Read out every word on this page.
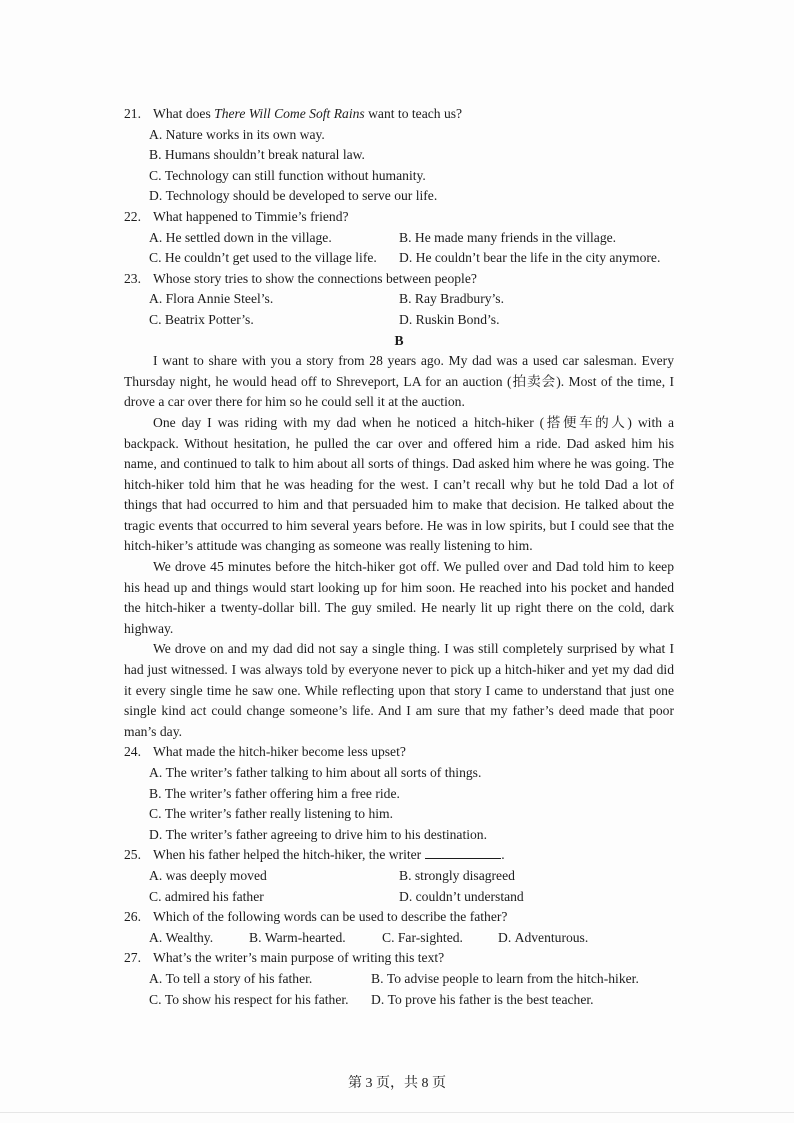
21. What does There Will Come Soft Rains want to teach us?
A. Nature works in its own way.
B. Humans shouldn’t break natural law.
C. Technology can still function without humanity.
D. Technology should be developed to serve our life.
22. What happened to Timmie’s friend?
A. He settled down in the village.	B. He made many friends in the village.
C. He couldn’t get used to the village life. D. He couldn’t bear the life in the city anymore.
23. Whose story tries to show the connections between people?
A. Flora Annie Steel’s.	B. Ray Bradbury’s.
C. Beatrix Potter’s.	D. Ruskin Bond’s.
B
I want to share with you a story from 28 years ago. My dad was a used car salesman. Every Thursday night, he would head off to Shreveport, LA for an auction (拍卖会). Most of the time, I drove a car over there for him so he could sell it at the auction.
One day I was riding with my dad when he noticed a hitch-hiker (搭便车的人) with a backpack. Without hesitation, he pulled the car over and offered him a ride. Dad asked him his name, and continued to talk to him about all sorts of things. Dad asked him where he was going. The hitch-hiker told him that he was heading for the west. I can’t recall why but he told Dad a lot of things that had occurred to him and that persuaded him to make that decision. He talked about the tragic events that occurred to him several years before. He was in low spirits, but I could see that the hitch-hiker’s attitude was changing as someone was really listening to him.
We drove 45 minutes before the hitch-hiker got off. We pulled over and Dad told him to keep his head up and things would start looking up for him soon. He reached into his pocket and handed the hitch-hiker a twenty-dollar bill. The guy smiled. He nearly lit up right there on the cold, dark highway.
We drove on and my dad did not say a single thing. I was still completely surprised by what I had just witnessed. I was always told by everyone never to pick up a hitch-hiker and yet my dad did it every single time he saw one. While reflecting upon that story I came to understand that just one single kind act could change someone’s life. And I am sure that my father’s deed made that poor man’s day.
24. What made the hitch-hiker become less upset?
A. The writer’s father talking to him about all sorts of things.
B. The writer’s father offering him a free ride.
C. The writer’s father really listening to him.
D. The writer’s father agreeing to drive him to his destination.
25. When his father helped the hitch-hiker, the writer	.
A. was deeply moved	B. strongly disagreed
C. admired his father	D. couldn’t understand
26. Which of the following words can be used to describe the father?
A. Wealthy.	B. Warm-hearted.	C. Far-sighted.	D. Adventurous.
27. What’s the writer’s main purpose of writing this text?
A. To tell a story of his father.	B. To advise people to learn from the hitch-hiker.
C. To show his respect for his father. D. To prove his father is the best teacher.
第 3 页，共 8 页
